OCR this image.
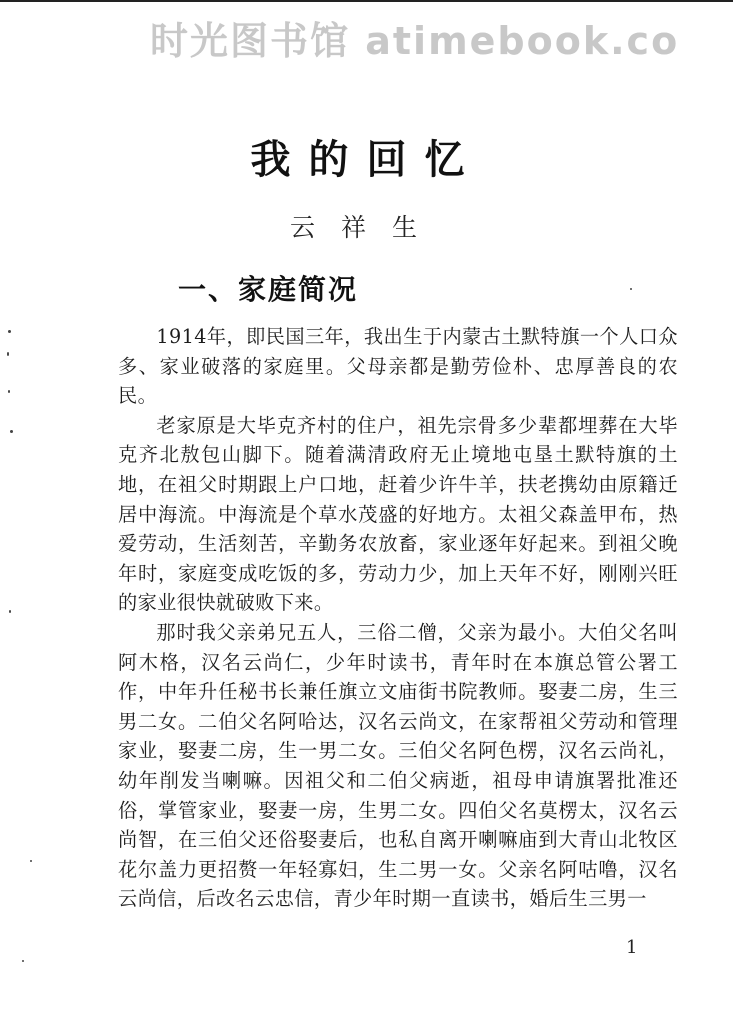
时光图书馆 atimebook.co
我的回忆
云祥生
一、家庭简况

1914年，即民国三年，我出生于内蒙古土默特旗一个人口众多、家业破落的家庭里。父母亲都是勤劳俭朴、忠厚善良的农民。

老家原是大毕克齐村的住户，祖先宗骨多少辈都埋葬在大毕克齐北敖包山脚下。随着满清政府无止境地屯垦土默特旗的土地，在祖父时期跟上户口地，赶着少许牛羊，扶老携幼由原籍迁居中海流。中海流是个草水茂盛的好地方。太祖父森盖甲布，热爱劳动，生活刻苦，辛勤务农放畜，家业逐年好起来。到祖父晚年时，家庭变成吃饭的多，劳动力少，加上天年不好，刚刚兴旺的家业很快就破败下来。

那时我父亲弟兄五人，三俗二僧，父亲为最小。大伯父名叫阿木格，汉名云尚仁，少年时读书，青年时在本旗总管公署工作，中年升任秘书长兼任旗立文庙街书院教师。娶妻二房，生三男二女。二伯父名阿哈达，汉名云尚文，在家帮祖父劳动和管理家业，娶妻二房，生一男二女。三伯父名阿色楞，汉名云尚礼，幼年削发当喇嘛。因祖父和二伯父病逝，祖母申请旗署批准还俗，掌管家业，娶妻一房，生男二女。四伯父名莫楞太，汉名云尚智，在三伯父还俗娶妻后，也私自离开喇嘛庙到大青山北牧区花尔盖力更招赘一年轻寡妇，生二男一女。父亲名阿咕噜，汉名云尚信，后改名云忠信，青少年时期一直读书，婚后生三男一

1
